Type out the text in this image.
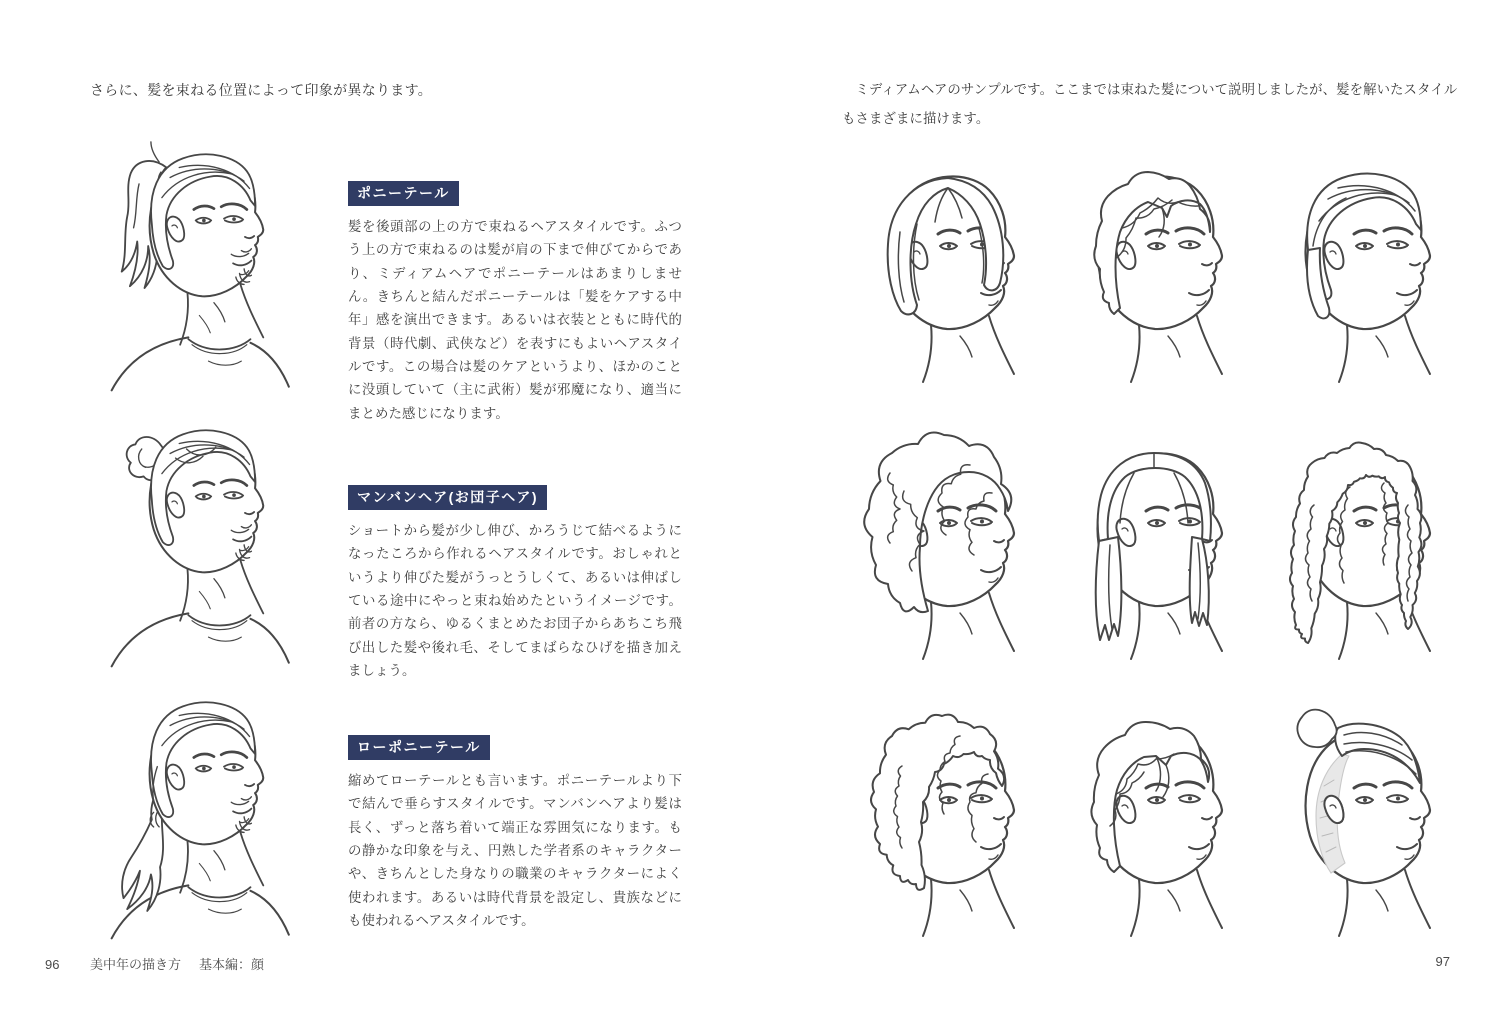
さらに、髪を束ねる位置によって印象が異なります。
ポニーテール

髪を後頭部の上の方で束ねるヘアスタイルです。ふつう上の方で束ねるのは髪が肩の下まで伸びてからであり、ミディアムヘアでポニーテールはあまりしません。きちんと結んだポニーテールは「髪をケアする中年」感を演出できます。あるいは衣装とともに時代的背景（時代劇、武侠など）を表すにもよいヘアスタイルです。この場合は髪のケアというより、ほかのことに没頭していて（主に武術）髪が邪魔になり、適当にまとめた感じになります。

マンバンヘア(お団子ヘア)

ショートから髪が少し伸び、かろうじて結べるようになったころから作れるヘアスタイルです。おしゃれというより伸びた髪がうっとうしくて、あるいは伸ばしている途中にやっと束ね始めたというイメージです。前者の方なら、ゆるくまとめたお団子からあちこち飛び出した髪や後れ毛、そしてまばらなひげを描き加えましょう。

ローポニーテール

縮めてローテールとも言います。ポニーテールより下で結んで垂らすスタイルです。マンバンヘアより髪は長く、ずっと落ち着いて端正な雰囲気になります。もの静かな印象を与え、円熟した学者系のキャラクターや、きちんとした身なりの職業のキャラクターによく使われます。あるいは時代背景を設定し、貴族などにも使われるヘアスタイルです。

96	美中年の描き方 基本編：顔
ミディアムヘアのサンプルです。ここまでは束ねた髪について説明しましたが、髪を解いたスタイルもさまざまに描けます。
97
